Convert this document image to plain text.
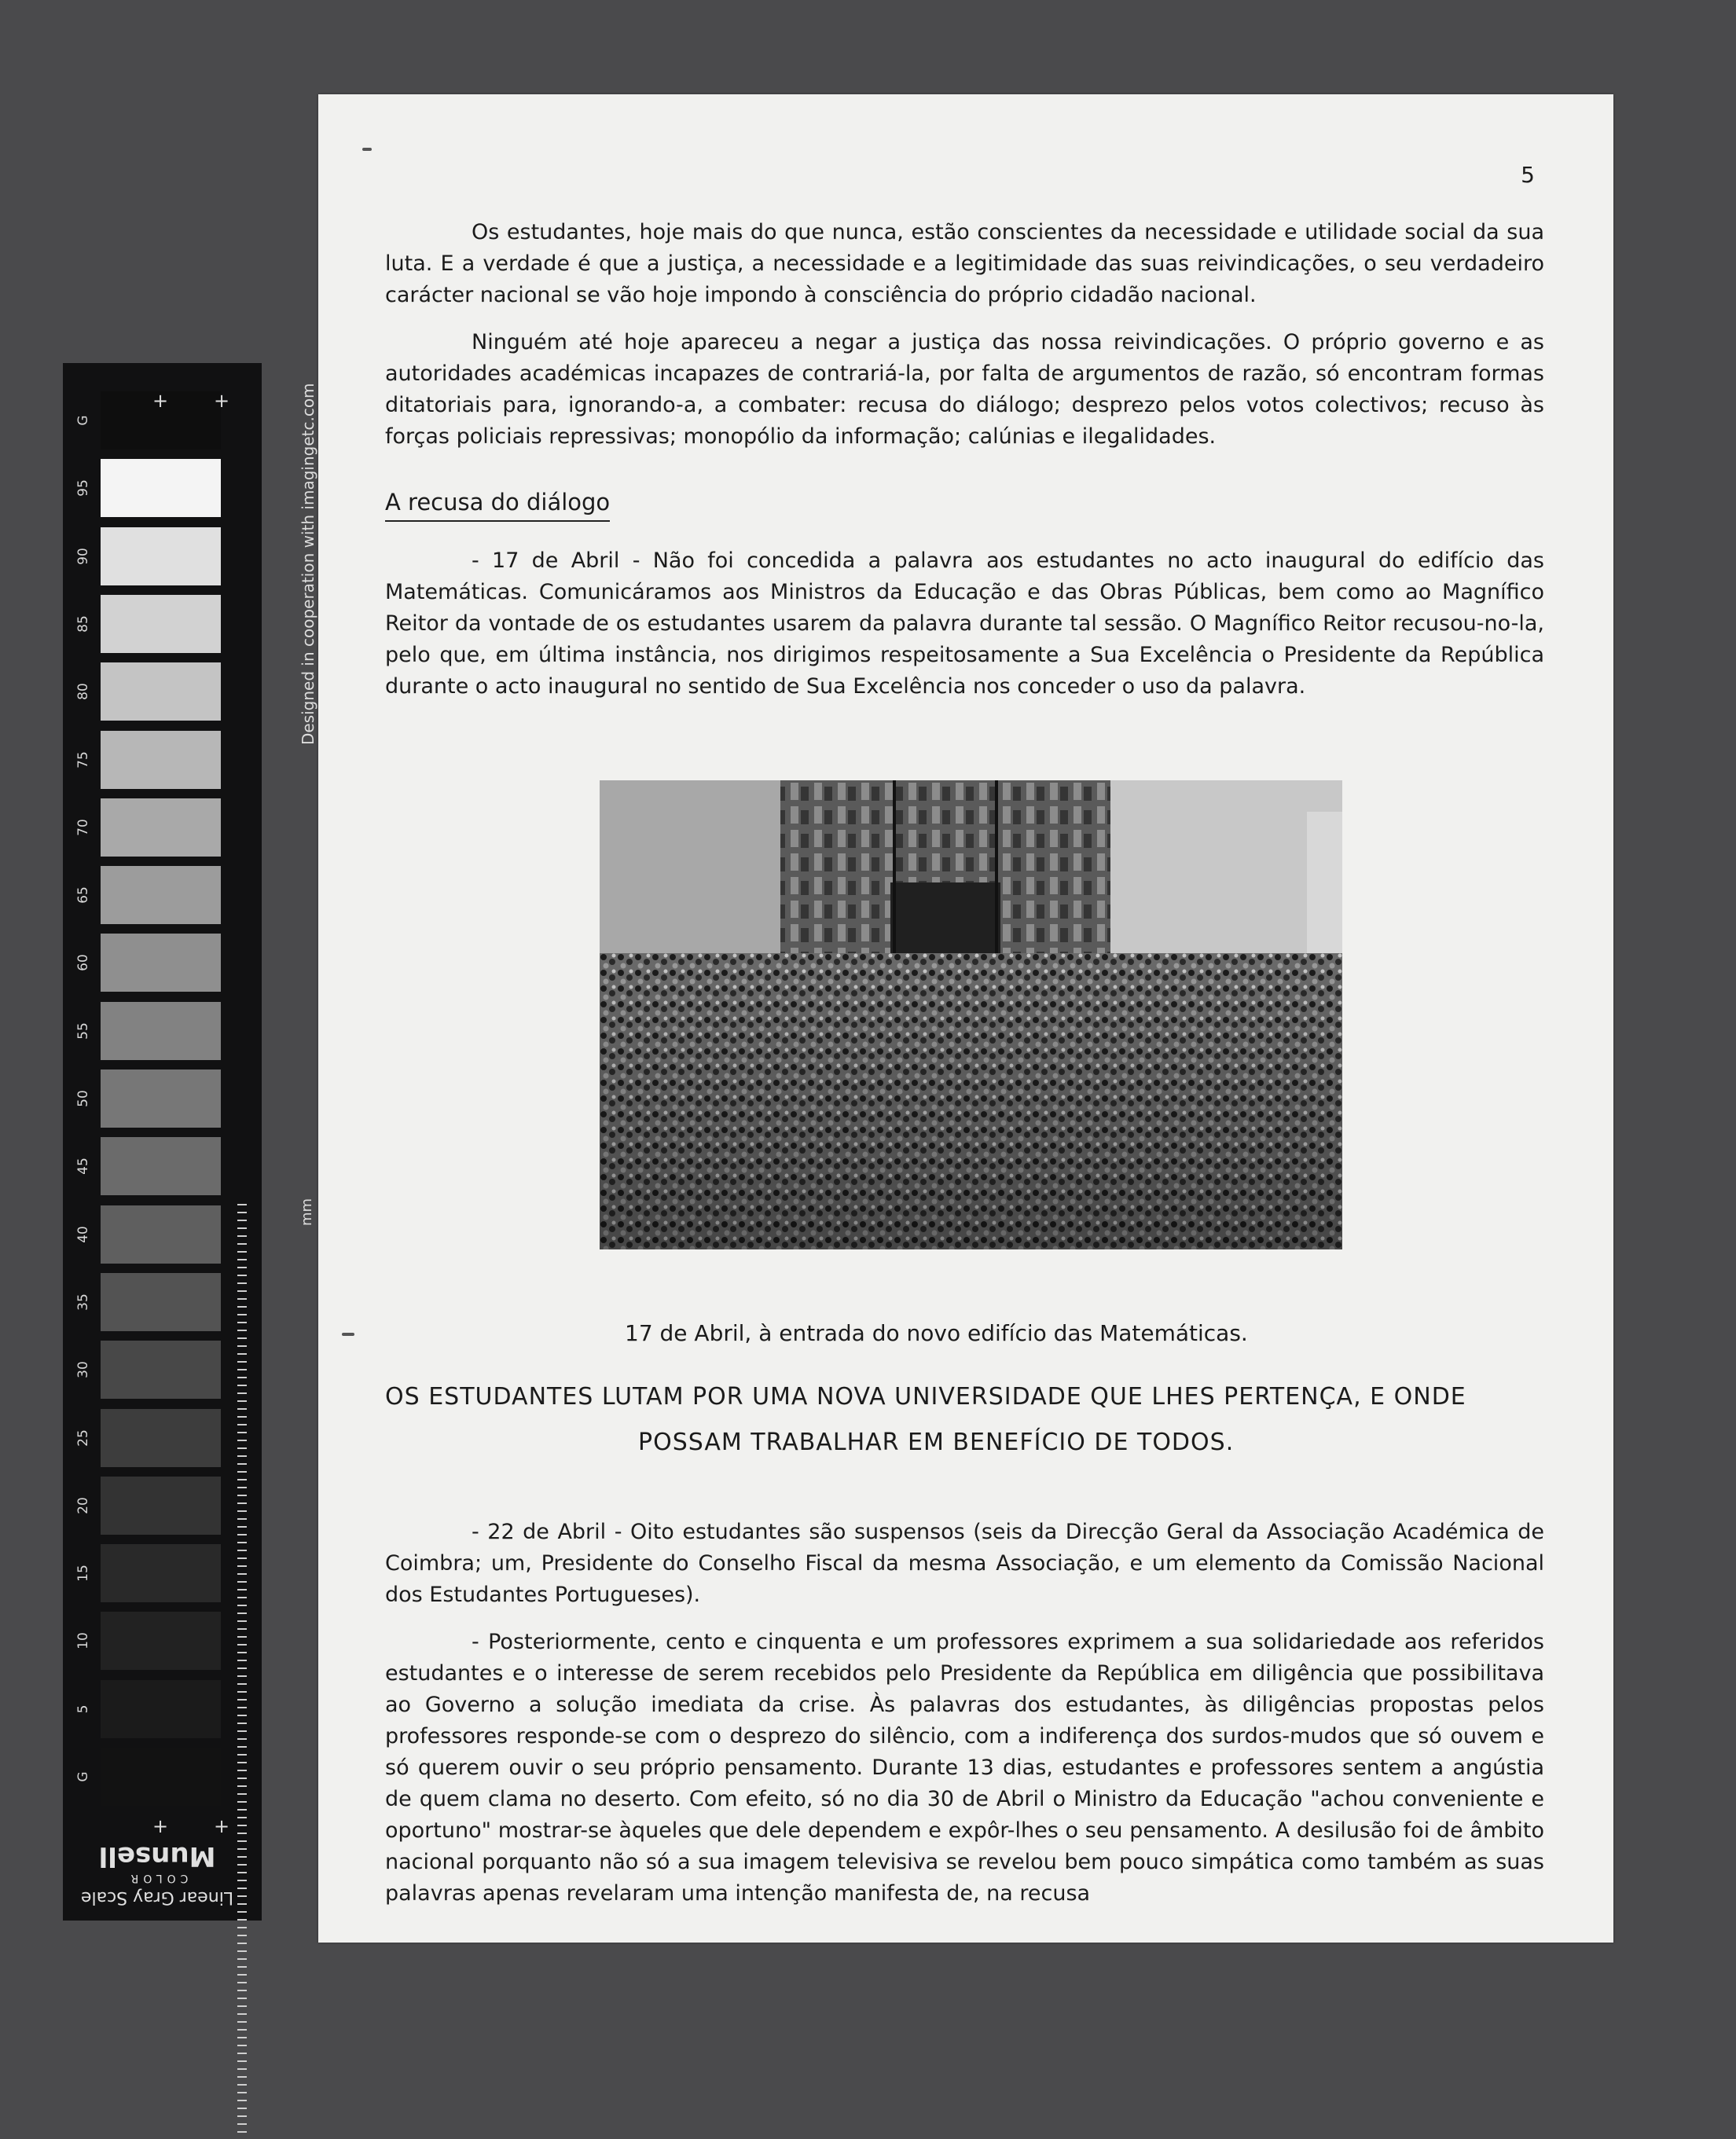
G
95
90
85
80
75
70
65
60
55
50
45
40
35
30
25
20
15
10
5
G
+ +
+ +
Designed in cooperation with imagingetc.com
mm
Linear Gray Scale
COLOR
Munsell
5

Os estudantes, hoje mais do que nunca, estão conscientes da necessidade e utilidade social da sua luta. E a verdade é que a justiça, a necessidade e a legitimidade das suas reivindicações, o seu verdadeiro carácter nacional se vão hoje impondo à consciência do próprio cidadão nacional.

Ninguém até hoje apareceu a negar a justiça das nossa reivindicações. O próprio governo e as autoridades académicas incapazes de contrariá-la, por falta de argumentos de razão, só encontram formas ditatoriais para, ignorando-a, a combater: recusa do diálogo; desprezo pelos votos colectivos; recuso às forças policiais repressivas; monopólio da informação; calúnias e ilegalidades.

A recusa do diálogo

- 17 de Abril - Não foi concedida a palavra aos estudantes no acto inaugural do edifício das Matemáticas. Comunicáramos aos Ministros da Educação e das Obras Públicas, bem como ao Magnífico Reitor da vontade de os estudantes usarem da palavra durante tal sessão. O Magnífico Reitor recusou-no-la, pelo que, em última instância, nos dirigimos respeitosamente a Sua Excelência o Presidente da República durante o acto inaugural no sentido de Sua Excelência nos conceder o uso da palavra.

17 de Abril, à entrada do novo edifício das Matemáticas.
OS ESTUDANTES LUTAM POR UMA NOVA UNIVERSIDADE QUE LHES PERTENÇA, E ONDE
POSSAM TRABALHAR EM BENEFÍCIO DE TODOS.

- 22 de Abril - Oito estudantes são suspensos (seis da Direcção Geral da Associação Académica de Coimbra; um, Presidente do Conselho Fiscal da mesma Associação, e um elemento da Comissão Nacional dos Estudantes Portugueses).

- Posteriormente, cento e cinquenta e um professores exprimem a sua solidariedade aos referidos estudantes e o interesse de serem recebidos pelo Presidente da República em diligência que possibilitava ao Governo a solução imediata da crise. Às palavras dos estudantes, às diligências propostas pelos professores responde-se com o desprezo do silêncio, com a indiferença dos surdos-mudos que só ouvem e só querem ouvir o seu próprio pensamento. Durante 13 dias, estudantes e professores sentem a angústia de quem clama no deserto. Com efeito, só no dia 30 de Abril o Ministro da Educação "achou conveniente e oportuno" mostrar-se àqueles que dele dependem e expôr-lhes o seu pensamento. A desilusão foi de âmbito nacional porquanto não só a sua imagem televisiva se revelou bem pouco simpática como também as suas palavras apenas revelaram uma intenção manifesta de, na recusa
